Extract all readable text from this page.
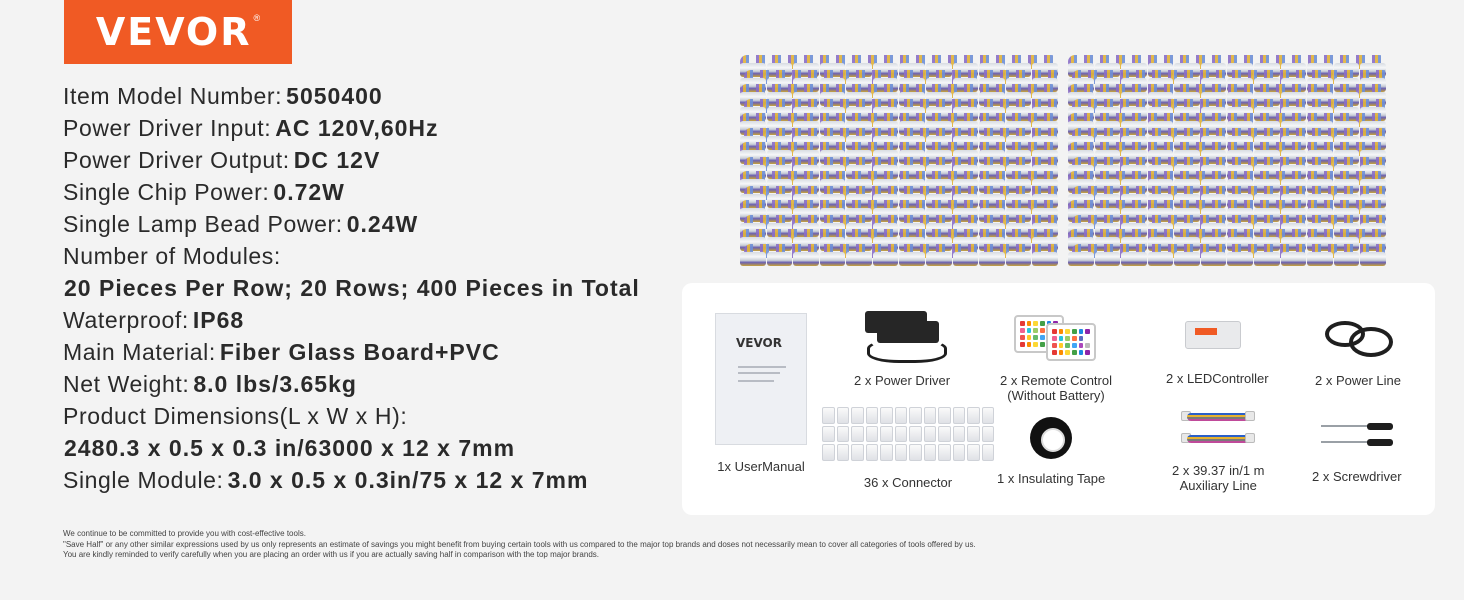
VEVOR®
Item Model Number: 5050400
Power Driver Input: AC 120V,60Hz
Power Driver Output: DC 12V
Single Chip Power: 0.72W
Single Lamp Bead Power: 0.24W
Number of Modules:
20 Pieces Per Row; 20 Rows; 400 Pieces in Total
Waterproof: IP68
Main Material: Fiber Glass Board+PVC
Net Weight: 8.0 lbs/3.65kg
Product Dimensions(L x W x H):
2480.3 x 0.5 x 0.3 in/63000 x 12 x 7mm
Single Module: 3.0 x 0.5 x 0.3in/75 x 12 x 7mm
VEVOR
1x UserManual
2 x Power Driver	2 x Remote Control
(Without Battery)
2 x LEDController	2 x Power Line
36 x Connector	1 x Insulating Tape
2 x 39.37 in/1 m
Auxiliary Line
2 x Screwdriver
We continue to be committed to provide you with cost-effective tools.
"Save Half" or any other similar expressions used by us only represents an estimate of savings you might benefit from buying certain tools with us compared to the major top brands and doses not necessarily mean to cover all categories of tools offered by us.
You are kindly reminded to verify carefully when you are placing an order with us if you are actually saving half in comparison with the top major brands.
